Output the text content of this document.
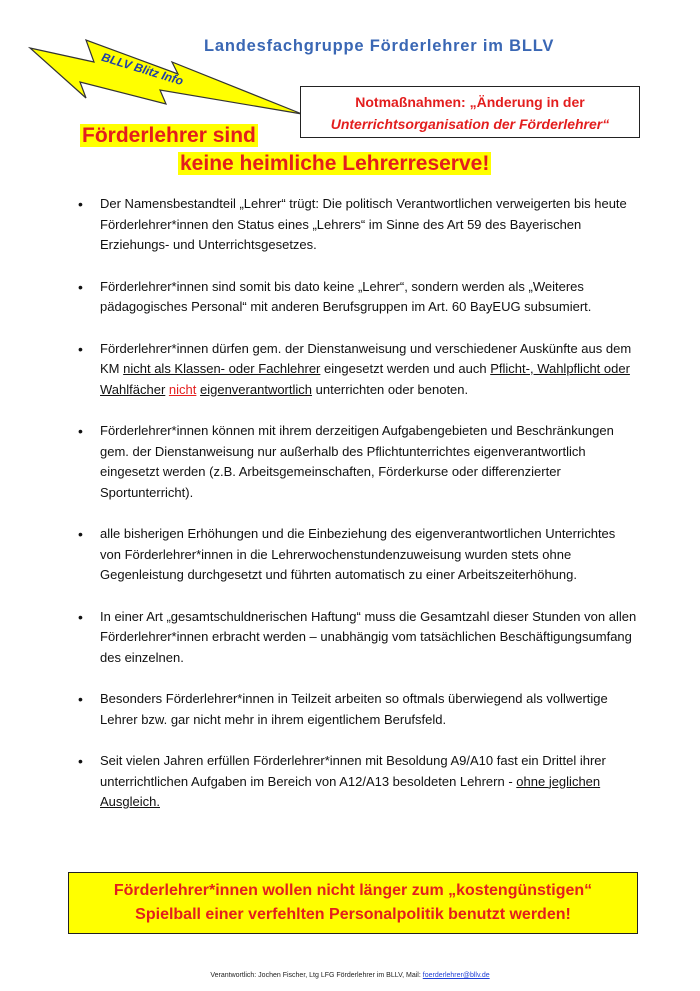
BLLV Blitz Info
Landesfachgruppe Förderlehrer im BLLV
Notmaßnahmen: „Änderung in der
Unterrichtsorganisation der Förderlehrer“
Förderlehrer sind
keine heimliche Lehrerreserve!
• Der Namensbestandteil „Lehrer“ trügt: Die politisch Verantwortlichen verweigerten bis heute Förderlehrer*innen den Status eines „Lehrers“ im Sinne des Art 59 des Bayerischen Erziehungs- und Unterrichtsgesetzes.
• Förderlehrer*innen sind somit bis dato keine „Lehrer“, sondern werden als „Weiteres pädagogisches Personal“ mit anderen Berufsgruppen im Art. 60 BayEUG subsumiert.
• Förderlehrer*innen dürfen gem. der Dienstanweisung und verschiedener Auskünfte aus dem KM nicht als Klassen- oder Fachlehrer eingesetzt werden und auch Pflicht-, Wahlpflicht oder Wahlfächer nicht eigenverantwortlich unterrichten oder benoten.
• Förderlehrer*innen können mit ihrem derzeitigen Aufgabengebieten und Beschränkungen gem. der Dienstanweisung nur außerhalb des Pflichtunterrichtes eigenverantwortlich eingesetzt werden (z.B. Arbeitsgemeinschaften, Förderkurse oder differenzierter Sportunterricht).
• alle bisherigen Erhöhungen und die Einbeziehung des eigenverantwortlichen Unterrichtes von Förderlehrer*innen in die Lehrerwochenstundenzuweisung wurden stets ohne Gegenleistung durchgesetzt und führten automatisch zu einer Arbeitszeiterhöhung.
• In einer Art „gesamtschuldnerischen Haftung“ muss die Gesamtzahl dieser Stunden von allen Förderlehrer*innen erbracht werden – unabhängig vom tatsächlichen Beschäftigungsumfang des einzelnen.
• Besonders Förderlehrer*innen in Teilzeit arbeiten so oftmals überwiegend als vollwertige Lehrer bzw. gar nicht mehr in ihrem eigentlichem Berufsfeld.
• Seit vielen Jahren erfüllen Förderlehrer*innen mit Besoldung A9/A10 fast ein Drittel ihrer unterrichtlichen Aufgaben im Bereich von A12/A13 besoldeten Lehrern - ohne jeglichen Ausgleich.
Förderlehrer*innen wollen nicht länger zum „kostengünstigen“
Spielball einer verfehlten Personalpolitik benutzt werden!
Verantwortlich: Jochen Fischer, Ltg LFG Förderlehrer im BLLV, Mail: foerderlehrer@bllv.de
